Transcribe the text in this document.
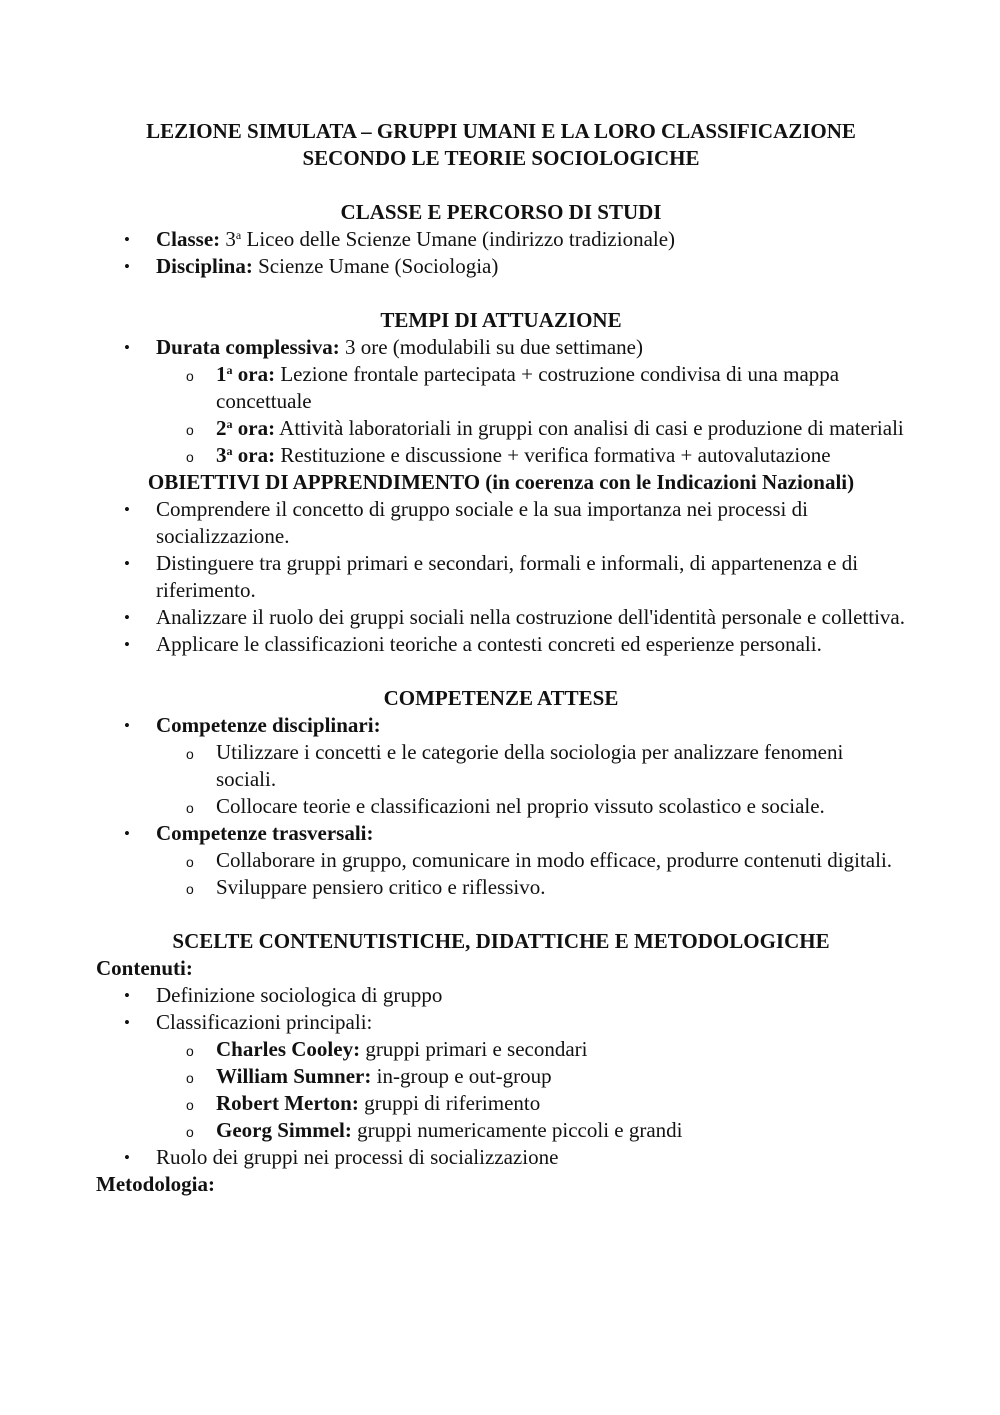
LEZIONE SIMULATA – GRUPPI UMANI E LA LORO CLASSIFICAZIONE
SECONDO LE TEORIE SOCIOLOGICHE

CLASSE E PERCORSO DI STUDI

• Classe: 3$^a$ Liceo delle Scienze Umane (indirizzo tradizionale)
• Disciplina: Scienze Umane (Sociologia)

TEMPI DI ATTUAZIONE

• Durata complessiva: 3 ore (modulabili su due settimane)
o 1$^a$ ora: Lezione frontale partecipata + costruzione condivisa di una mappa concettuale
o 2$^a$ ora: Attività laboratoriali in gruppi con analisi di casi e produzione di materiali
o 3$^a$ ora: Restituzione e discussione + verifica formativa + autovalutazione

OBIETTIVI DI APPRENDIMENTO (in coerenza con le Indicazioni Nazionali)

• Comprendere il concetto di gruppo sociale e la sua importanza nei processi di socializzazione.
• Distinguere tra gruppi primari e secondari, formali e informali, di appartenenza e di riferimento.
• Analizzare il ruolo dei gruppi sociali nella costruzione dell'identità personale e collettiva.
• Applicare le classificazioni teoriche a contesti concreti ed esperienze personali.

COMPETENZE ATTESE

• Competenze disciplinari:
o Utilizzare i concetti e le categorie della sociologia per analizzare fenomeni sociali.
o Collocare teorie e classificazioni nel proprio vissuto scolastico e sociale.
• Competenze trasversali:
o Collaborare in gruppo, comunicare in modo efficace, produrre contenuti digitali.
o Sviluppare pensiero critico e riflessivo.

SCELTE CONTENUTISTICHE, DIDATTICHE E METODOLOGICHE

Contenuti:

• Definizione sociologica di gruppo
• Classificazioni principali:
o Charles Cooley: gruppi primari e secondari
o William Sumner: in-group e out-group
o Robert Merton: gruppi di riferimento
o Georg Simmel: gruppi numericamente piccoli e grandi
• Ruolo dei gruppi nei processi di socializzazione

Metodologia:
